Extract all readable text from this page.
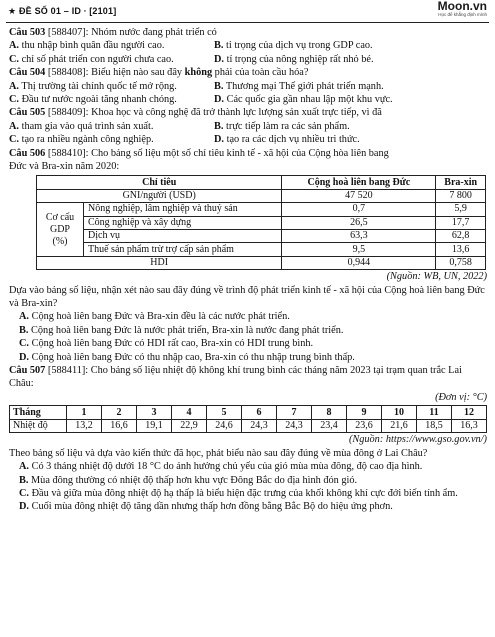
★ ĐỀ SỐ 01 – ID ∙ [2101]	Moon.vn
Học để khẳng định mình
Câu 503 [588407]: Nhóm nước đang phát triển có
A. thu nhập bình quân đầu người cao.	B. tỉ trọng của dịch vụ trong GDP cao.
C. chỉ số phát triển con người chưa cao.	D. tỉ trọng của nông nghiệp rất nhỏ bé.
Câu 504 [588408]: Biểu hiện nào sau đây không phải của toàn cầu hóa?
A. Thị trường tài chính quốc tế mở rộng.	B. Thương mại Thế giới phát triển mạnh.
C. Đầu tư nước ngoài tăng nhanh chóng.	D. Các quốc gia gần nhau lập một khu vực.
Câu 505 [588409]: Khoa học và công nghệ đã trở thành lực lượng sản xuất trực tiếp, vì đã
A. tham gia vào quá trình sản xuất.	B. trực tiếp làm ra các sản phẩm.
C. tạo ra nhiều ngành công nghiệp.	D. tạo ra các dịch vụ nhiều tri thức.
Câu 506 [588410]: Cho bảng số liệu một số chỉ tiêu kinh tế - xã hội của Cộng hòa liên bang
Đức và Bra-xin năm 2020:
Chỉ tiêu		Cộng hoà liên bang Đức	Bra-xin
GNI/người (USD)		47 520	7 800

Cơ cấu
GDP
(%)	Nông nghiệp, lâm nghiệp và thuỷ sản	0,7	5,9
	Công nghiệp và xây dựng	26,5	17,7
	Dịch vụ	63,3	62,8
	Thuế sản phẩm trừ trợ cấp sản phẩm	9,5	13,6
HDI		0,944	0,758
(Nguồn: WB, UN, 2022)
Dựa vào bảng số liệu, nhận xét nào sau đây đúng về trình độ phát triển kinh tế - xã hội của Cộng hoà liên bang Đức và Bra-xin?
A. Cộng hoà liên bang Đức và Bra-xin đều là các nước phát triển.
B. Cộng hoà liên bang Đức là nước phát triển, Bra-xin là nước đang phát triển.
C. Cộng hoà liên bang Đức có HDI rất cao, Bra-xin có HDI trung bình.
D. Cộng hoà liên bang Đức có thu nhập cao, Bra-xin có thu nhập trung bình thấp.
Câu 507 [588411]: Cho bảng số liệu nhiệt độ không khí trung bình các tháng năm 2023 tại trạm quan trắc Lai Châu:
(Đơn vị: °C)
Tháng	1	2	3	4	5	6	7	8	9	10	11	12
Nhiệt độ	13,2	16,6	19,1	22,9	24,6	24,3	24,3	23,4	23,6	21,6	18,5	16,3
(Nguồn: https://www.gso.gov.vn/)
Theo bảng số liệu và dựa vào kiến thức đã học, phát biểu nào sau đây đúng về mùa đông ở Lai Châu?
A. Có 3 tháng nhiệt độ dưới 18 °C do ảnh hưởng chủ yếu của gió mùa mùa đông, độ cao địa hình.
B. Mùa đông thường có nhiệt độ thấp hơn khu vực Đông Bắc do địa hình đón gió.
C. Đầu và giữa mùa đông nhiệt độ hạ thấp là biểu hiện đặc trưng của khối không khí cực đới biến tính ẩm.
D. Cuối mùa đông nhiệt độ tăng dần nhưng thấp hơn đồng bằng Bắc Bộ do hiệu ứng phơn.
